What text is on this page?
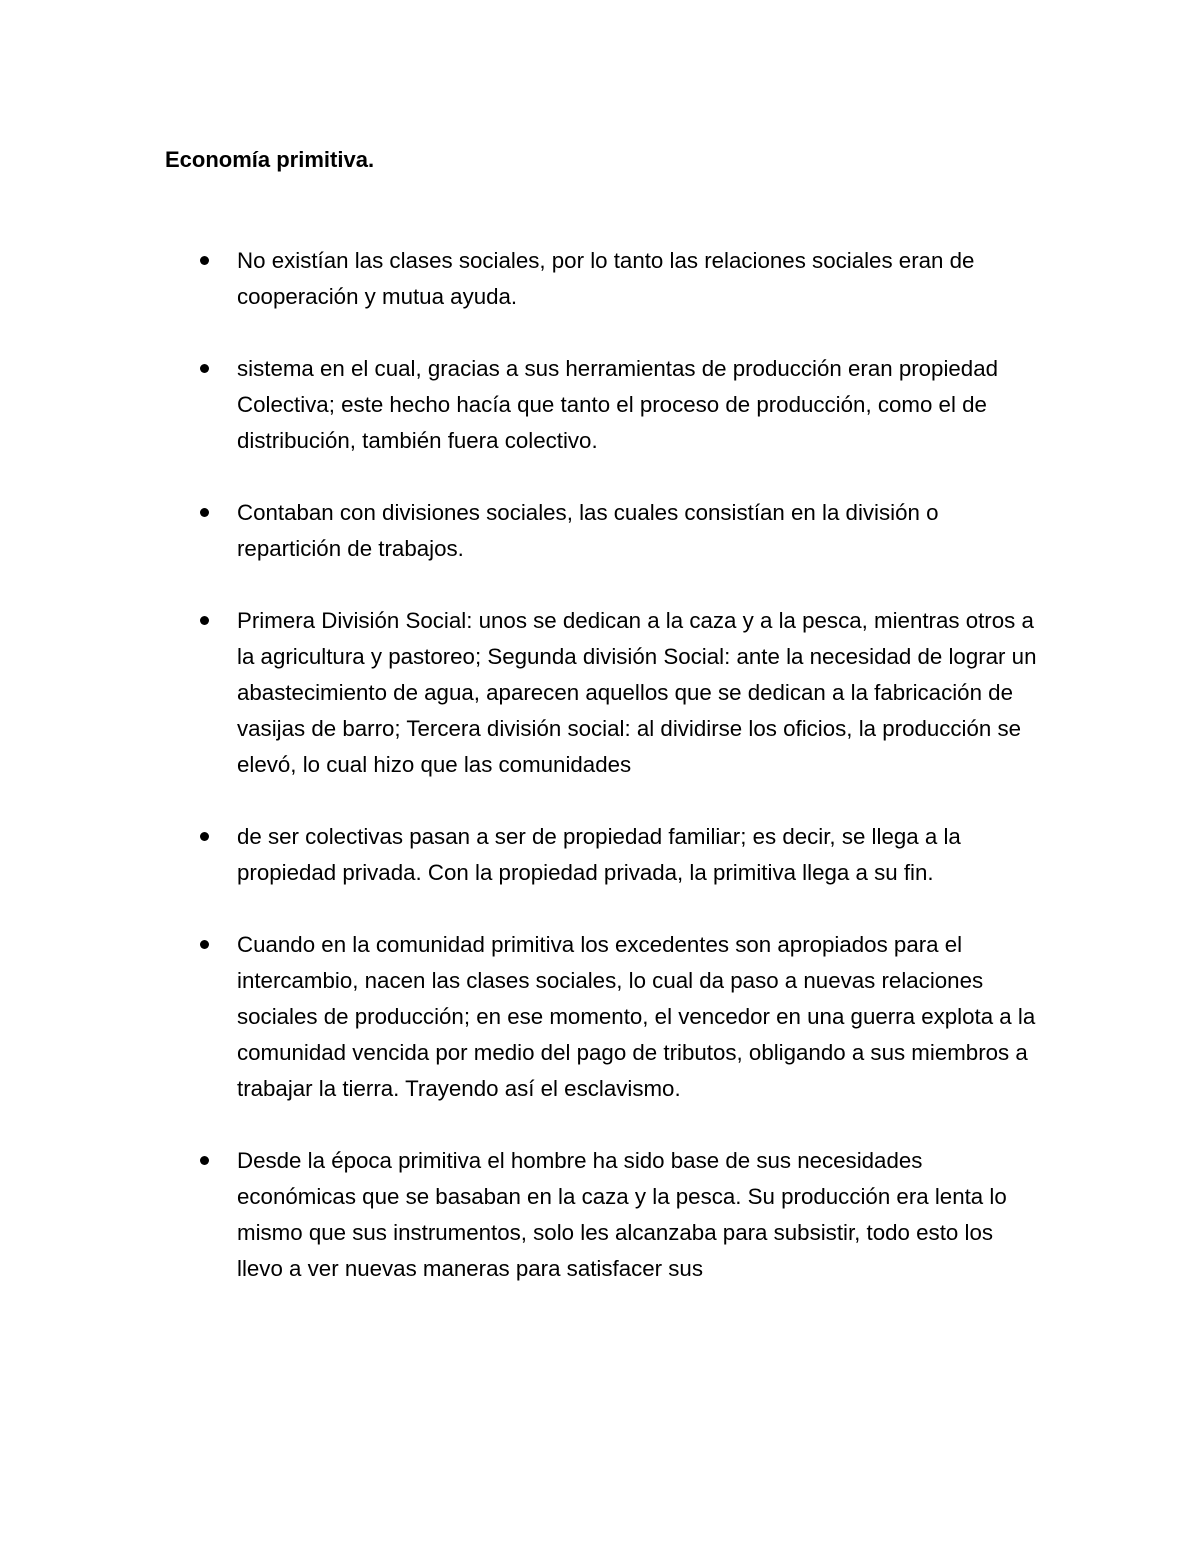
Economía primitiva.
No existían las clases sociales, por lo tanto las relaciones sociales eran de cooperación y mutua ayuda.
sistema en el cual, gracias a sus herramientas de producción eran propiedad Colectiva; este hecho hacía que tanto el proceso de producción, como el de distribución, también fuera colectivo.
Contaban con divisiones sociales, las cuales consistían en la división o repartición de trabajos.
Primera División Social: unos se dedican a la caza y a la pesca, mientras otros a la agricultura y pastoreo; Segunda división Social: ante la necesidad de lograr un abastecimiento de agua, aparecen aquellos que se dedican a la fabricación de vasijas de barro; Tercera división social: al dividirse los oficios, la producción se elevó, lo cual hizo que las comunidades
de ser colectivas pasan a ser de propiedad familiar; es decir, se llega a la propiedad privada. Con la propiedad privada, la primitiva llega a su fin.
Cuando en la comunidad primitiva los excedentes son apropiados para el intercambio, nacen las clases sociales, lo cual da paso a nuevas relaciones sociales de producción; en ese momento, el vencedor en una guerra explota a la comunidad vencida por medio del pago de tributos, obligando a sus miembros a trabajar la tierra. Trayendo así el esclavismo.
Desde la época primitiva el hombre ha sido base de sus necesidades económicas que se basaban en la caza y la pesca. Su producción era lenta lo mismo que sus instrumentos, solo les alcanzaba para subsistir, todo esto los llevo a ver nuevas maneras para satisfacer sus
